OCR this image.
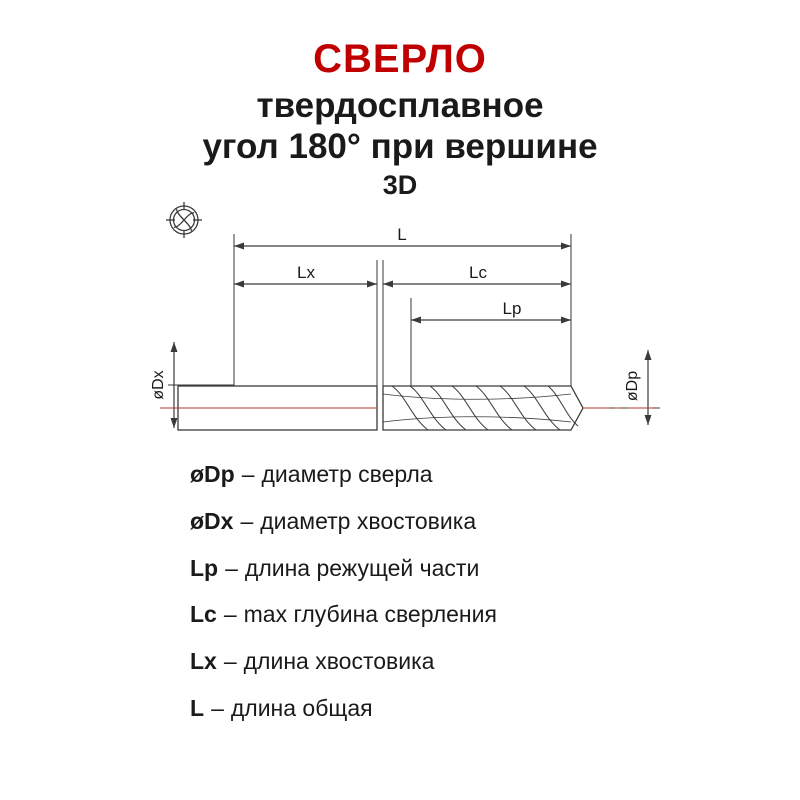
СВЕРЛО
твердосплавное
угол 180° при вершине
3D
L
Lx	Lc
Lp
øDx	øDp
øDp – диаметр сверла
øDx – диаметр хвостовика
Lp – длина режущей части
Lc – max глубина сверления
Lx – длина хвостовика
L – длина общая
